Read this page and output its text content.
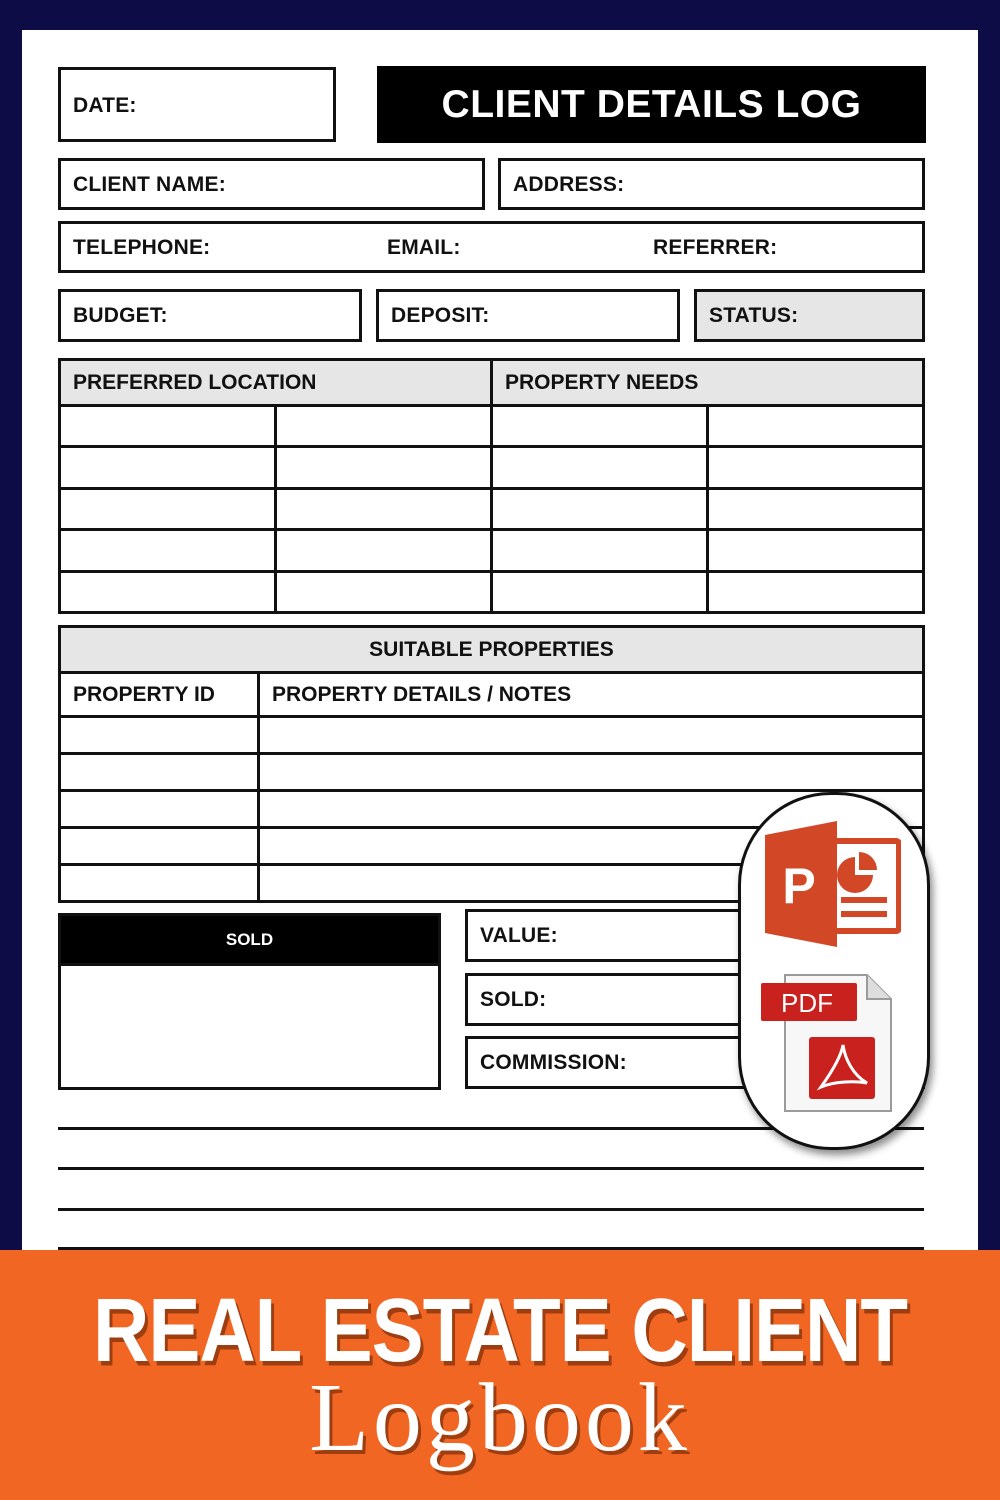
DATE:	CLIENT DETAILS LOG
CLIENT NAME:	ADDRESS:
TELEPHONE:	EMAIL:	REFERRER:
BUDGET:	DEPOSIT:	STATUS:
PREFERRED LOCATION		PROPERTY NEEDS	

SUITABLE PROPERTIES	
PROPERTY ID	PROPERTY DETAILS / NOTES

SOLD	VALUE:
SOLD:
COMMISSION:
P
PDF
REAL ESTATE CLIENT
Logbook
